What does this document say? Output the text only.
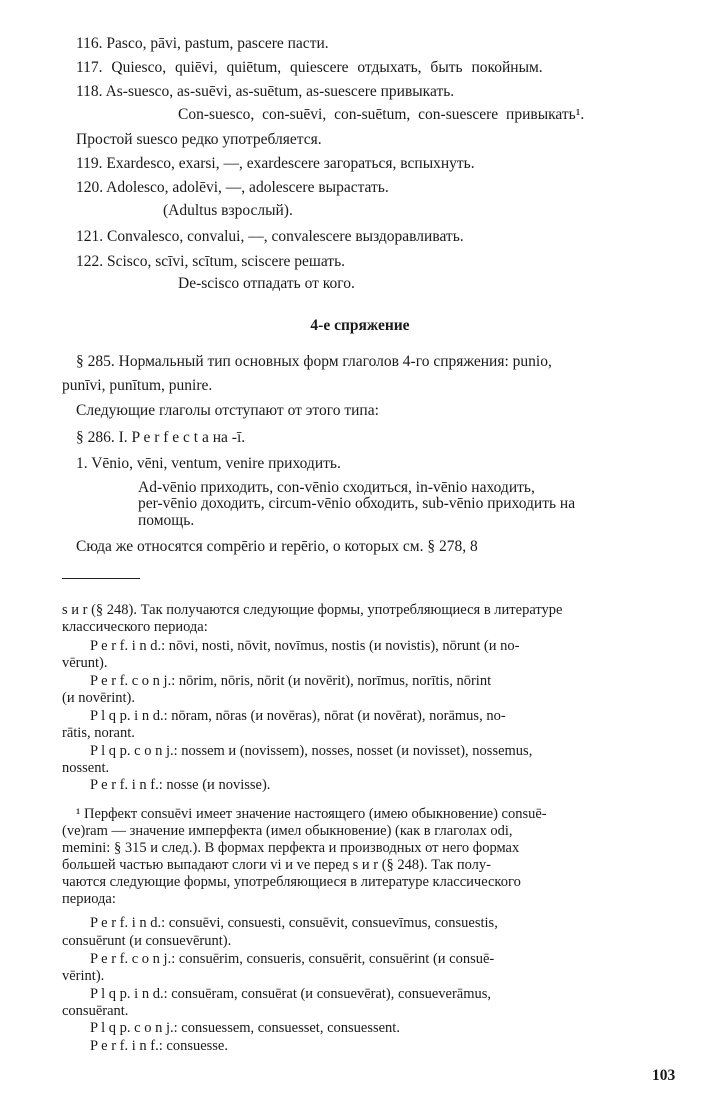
116. Pasco, pāvi, pastum, pascere пасти.
117. Quiesco, quiēvi, quiētum, quiescere отдыхать, быть покойным.
118. As-suesco, as-suēvi, as-suētum, as-suescere привыкать.
Con-suesco, con-suēvi, con-suētum, con-suescere привыкать¹.
Простой suesco редко употребляется.
119. Exardesco, exarsi, —, exardescere загораться, вспыхнуть.
120. Adolesco, adolēvi, —, adolescere вырастать.
(Adultus взрослый).
121. Convalesco, convalui, —, convalescere выздоравливать.
122. Scisco, scīvi, scītum, sciscere решать.
De-scisco отпадать от кого.
4-е спряжение
§ 285. Нормальный тип основных форм глаголов 4-го спряжения: punio,
punīvi, punītum, punire.
Следующие глаголы отступают от этого типа:
§ 286. I. P e r f e c t a на -ī.
1. Vēnio, vēni, ventum, venire приходить.
Ad-vēnio приходить, con-vēnio сходиться, in-vēnio находить,
per-vēnio доходить, circum-vēnio обходить, sub-vēnio приходить на
помощь.
Сюда же относятся compērio и repērio, о которых см. § 278, 8
s и r (§ 248). Так получаются следующие формы, употребляющиеся в литературе
классического периода:
P e r f. i n d.: nōvi, nosti, nōvit, novīmus, nostis (и novistis), nōrunt (и no-
vērunt).
P e r f. c o n j.: nōrim, nōris, nōrit (и novērit), norīmus, norītis, nōrint
(и novērint).
P l q p. i n d.: nōram, nōras (и novēras), nōrat (и novērat), norāmus, no-
rātis, norant.
P l q p. c o n j.: nossem и (novissem), nosses, nosset (и novisset), nossemus,
nossent.
P e r f. i n f.: nosse (и novisse).
¹ Перфект consuēvi имеет значение настоящего (имею обыкновение) consuē-
(ve)ram — значение имперфекта (имел обыкновение) (как в глаголах odi,
memini: § 315 и след.). В формах перфекта и производных от него формах
большей частью выпадают слоги vi и ve перед s и r (§ 248). Так полу-
чаются следующие формы, употребляющиеся в литературе классического
периода:
P e r f. i n d.: consuēvi, consuesti, consuēvit, consuevīmus, consuestis,
consuērunt (и consuevērunt).
P e r f. c o n j.: consuērim, consueris, consuērit, consuērint (и consuē-
vērint).
P l q p. i n d.: consuēram, consuērat (и consuevērat), consueverāmus,
consuērant.
P l q p. c o n j.: consuessem, consuesset, consuessent.
P e r f. i n f.: consuesse.
103
